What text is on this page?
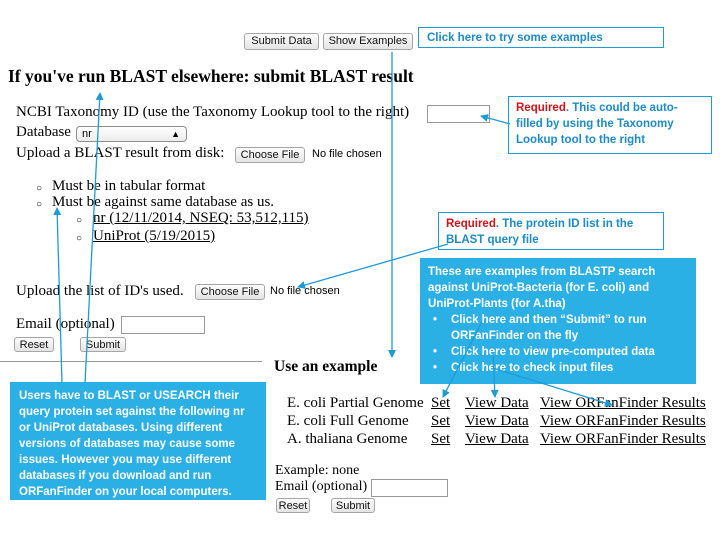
Submit Data	Show Examples	Click here to try some examples
If you've run BLAST elsewhere: submit BLAST result
NCBI Taxonomy ID (use the Taxonomy Lookup tool to the right)
Database	nr	▲︎
Upload a BLAST result from disk:	Choose File	No file chosen
○ Must be in tabular format
○ Must be against same database as us.
○ nr (12/11/2014, NSEQ: 53,512,115)
○ UniProt (5/19/2015)
Upload the list of ID's used.	Choose File No file chosen
Email (optional)
Reset	Submit
Required. This could be auto-filled by using the Taxonomy Lookup tool to the right
Required. The protein ID list in the BLAST query file
These are examples from BLASTP search against UniProt-Bacteria (for E. coli) and UniProt-Plants (for A.tha)
• Click here and then “Submit” to run ORFanFinder on the fly
• Click here to view pre-computed data
• Click here to check input files
Use an example
E. coli Partial Genome Set View Data View ORFanFinder Results
E. coli Full Genome Set View Data View ORFanFinder Results
A. thaliana Genome Set View Data View ORFanFinder Results
Example: none
Email (optional)
Reset	Submit
Users have to BLAST or USEARCH their query protein set against the following nr or UniProt databases. Using different versions of databases may cause some issues. However you may use different databases if you download and run ORFanFinder on your local computers.
